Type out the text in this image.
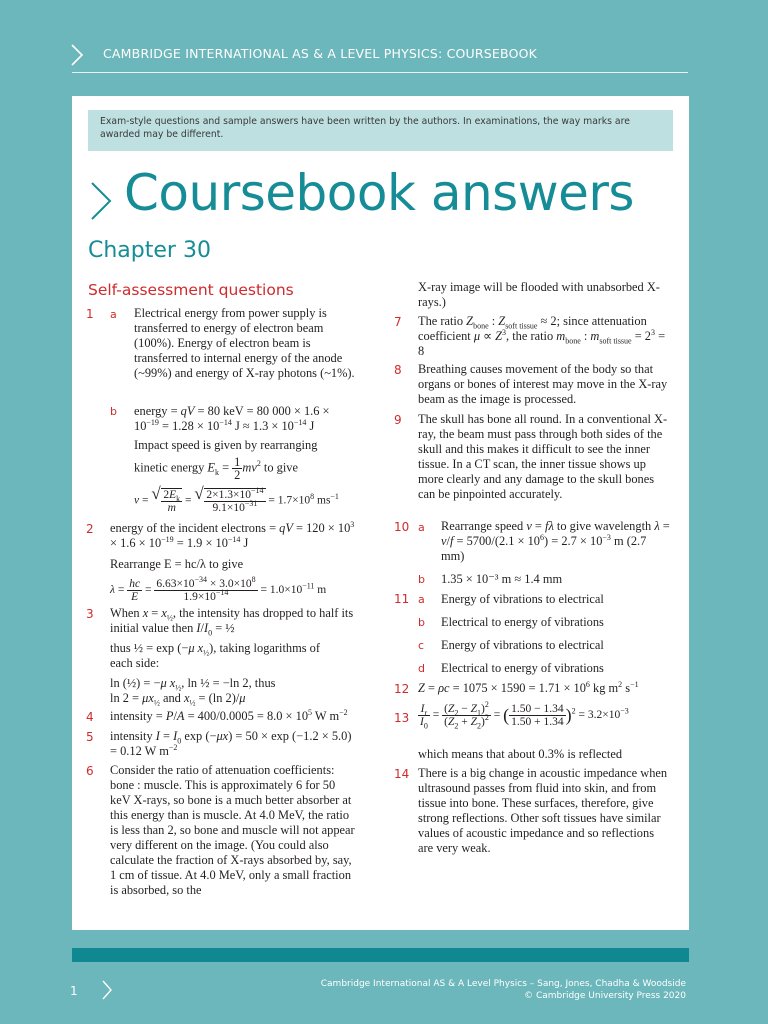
CAMBRIDGE INTERNATIONAL AS & A LEVEL PHYSICS: COURSEBOOK
Exam-style questions and sample answers have been written by the authors. In examinations, the way marks are awarded may be different.
Coursebook answers
Chapter 30
Self-assessment questions
1 a Electrical energy from power supply is transferred to energy of electron beam (100%). Energy of electron beam is transferred to internal energy of the anode (~99%) and energy of X-ray photons (~1%).
b energy = qV = 80 keV = 80 $000 \times 1.6 \times 10^{-19} = 1.28 \times 10^{-14}$ $J \approx 1.3 \times 10^{-14}$ J
Impact speed is given by rearranging
kinetic energy $E_k = \frac{1}{2} mv^2$ to give
v = √ $\frac{2E_k}{m}$ = √ $\frac{2\times 1.3\times 10^{-14}}{9.1\times 10^{-31}} = 1.7\times 10^8$ $ms^{-1}$
2 energy of the incident electrons = qV = $120 \times 10^3 \times 1.6 \times 10^{-19} = 1.9 \times 10^{-14}$ J
Rearrange E = hc/λ to give
$\lambda = \frac{hc}{E} = \frac{6.63\times 10^{-34} \times 3.0\times 10^8}{1.9\times 10^{-14}} = 1.0\times 10^{-11}$ m
3 When $x = x_{\frac{1}{2}}$, the intensity has dropped to half its initial value then $I/I_0$ = ½
thus ½ = exp (−μ $x_{\frac{1}{2}}$), taking logarithms of
each side:
ln (½) = −μ $x_{\frac{1}{2}}$, ln ½ = −ln 2, thus
$\ln 2 = \mu x_{\frac{1}{2}}$ and $x_{\frac{1}{2}} = (\ln$ 2)/μ
4 intensity = $P/A = 400/0.0005 = 8.0 \times 10^5$ W $m^{-2}$
5 intensity $I = I_0$ exp (−μx) = 50 × exp (−1.2 × 5.0) = 0.12 W $m^{-2}$
6 Consider the ratio of attenuation coefficients: bone : muscle. This is approximately 6 for 50 keV X-rays, so bone is a much better absorber at this energy than is muscle. At 4.0 MeV, the ratio is less than 2, so bone and muscle will not appear very different on the image. (You could also calculate the fraction of X-rays absorbed by, say, 1 cm of tissue. At 4.0 MeV, only a small fraction is absorbed, so the
X-ray image will be flooded with unabsorbed X-rays.)
7 The ratio $Z_{bone}$ : $Z_{soft tissue} \approx 2$; since attenuation coefficient $\mu \propto Z^3$, the ratio $m_{bone}$ : $m_{soft tissue} = 2^3 = 8$
8 Breathing causes movement of the body so that organs or bones of interest may move in the X-ray beam as the image is processed.
9 The skull has bone all round. In a conventional X-ray, the beam must pass through both sides of the skull and this makes it difficult to see the inner tissue. In a CT scan, the inner tissue shows up more clearly and any damage to the skull bones can be pinpointed accurately.
10 a Rearrange speed v = fλ to give wavelength $\lambda = v/f = 5700/(2.1 \times 10^6) = 2.7 \times 10^{-3}$ m (2.7 mm)
b 1.35 × 10⁻³ m ≈ 1.4 mm
11 a Energy of vibrations to electrical
b Electrical to energy of vibrations
c Energy of vibrations to electrical
d Electrical to energy of vibrations
12 $Z = \rho c = 1075 \times 1590 = 1.71 \times 10^6$ kg $m^2$ $s^{-1}$
$13 \frac{I_r}{I_0} = \frac{(Z_2 - Z_1)^2}{(Z_2 + Z_2)^2}$ = ( $\frac{1.50 - 1.34}{1.50 + 1.34} )^2 = 3.2\times 10^{-3}$
which means that about 0.3% is reflected
14 There is a big change in acoustic impedance when ultrasound passes from fluid into skin, and from tissue into bone. These surfaces, therefore, give strong reflections. Other soft tissues have similar values of acoustic impedance and so reflections are very weak.
1	Cambridge International AS & A Level Physics – Sang, Jones, Chadha & Woodside
© Cambridge University Press 2020
